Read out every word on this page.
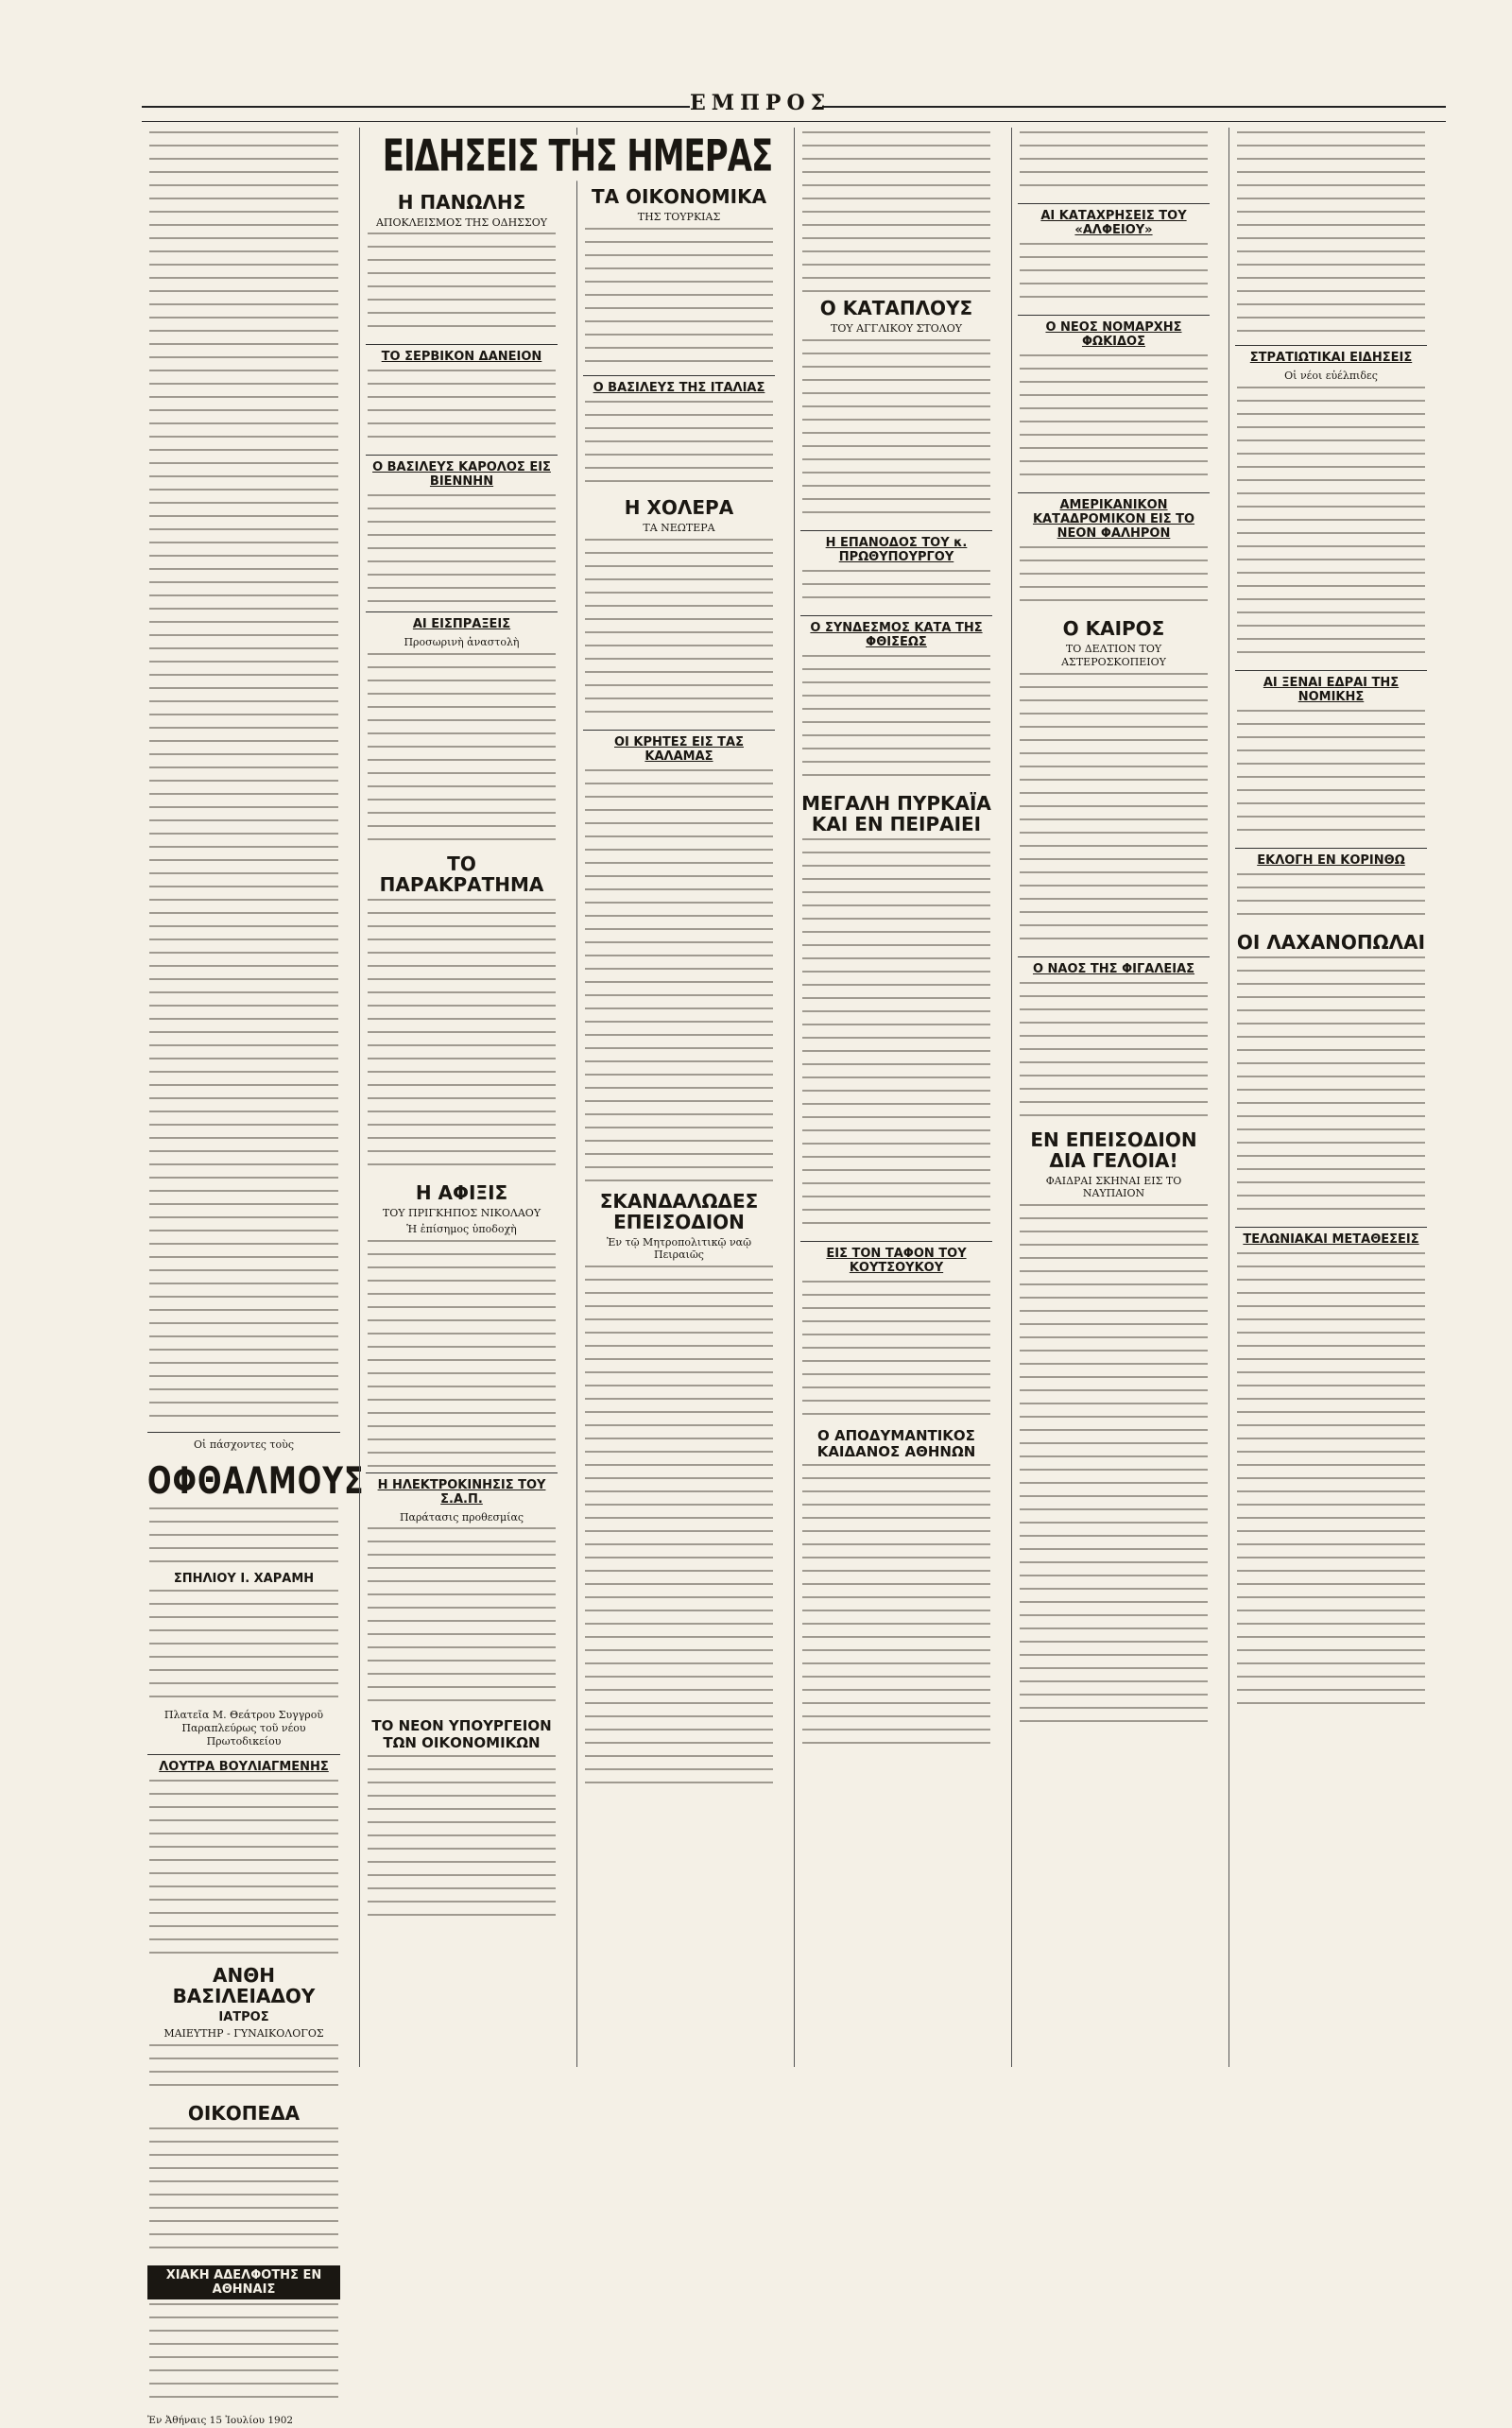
ΕΜΠΡΟΣ
Οἱ πάσχοντες τοὺς
ΟΦΘΑΛΜΟΥΣ
ΣΠΗΛΙΟΥ Ι. ΧΑΡΑΜΗ
Πλατεῖα Μ. Θεάτρου Συγγροῦ Παραπλεύρως τοῦ νέου Πρωτοδικείου
ΛΟΥΤΡΑ ΒΟΥΛΙΑΓΜΕΝΗΣ
ΑΝΘΗ ΒΑΣΙΛΕΙΑΔΟΥ
ΙΑΤΡΟΣ
ΜΑΙΕΥΤΗΡ - ΓΥΝΑΙΚΟΛΟΓΟΣ
ΟΙΚΟΠΕΔΑ
ΧΙΑΚΗ ΑΔΕΛΦΟΤΗΣ ΕΝ ΑΘΗΝΑΙΣ
Ἐν Ἀθήναις 15 Ἰουλίου 1902
ΕΙΔΗΣΕΙΣ ΤΗΣ ΗΜΕΡΑΣ
Η ΠΑΝΩΛΗΣ
ΑΠΟΚΛΕΙΣΜΟΣ ΤΗΣ ΟΔΗΣΣΟΥ
ΤΟ ΣΕΡΒΙΚΟΝ ΔΑΝΕΙΟΝ
Ο ΒΑΣΙΛΕΥΣ ΚΑΡΟΛΟΣ ΕΙΣ ΒΙΕΝΝΗΝ
ΑΙ ΕΙΣΠΡΑΞΕΙΣ
Προσωρινὴ ἀναστολὴ
ΤΟ ΠΑΡΑΚΡΑΤΗΜΑ
Η ΑΦΙΞΙΣ
ΤΟΥ ΠΡΙΓΚΗΠΟΣ ΝΙΚΟΛΑΟΥ
Ἡ ἐπίσημος ὑποδοχὴ
Η ΗΛΕΚΤΡΟΚΙΝΗΣΙΣ ΤΟΥ Σ.Α.Π.
Παράτασις προθεσμίας
ΤΟ ΝΕΟΝ ΥΠΟΥΡΓΕΙΟΝ ΤΩΝ ΟΙΚΟΝΟΜΙΚΩΝ
ΤΑ ΟΙΚΟΝΟΜΙΚΑ
ΤΗΣ ΤΟΥΡΚΙΑΣ
Ο ΒΑΣΙΛΕΥΣ ΤΗΣ ΙΤΑΛΙΑΣ
Η ΧΟΛΕΡΑ
ΤΑ ΝΕΩΤΕΡΑ
ΟΙ ΚΡΗΤΕΣ ΕΙΣ ΤΑΣ ΚΑΛΑΜΑΣ
ΣΚΑΝΔΑΛΩΔΕΣ ΕΠΕΙΣΟΔΙΟΝ
Ἐν τῷ Μητροπολιτικῷ ναῷ Πειραιῶς
Ο ΚΑΤΑΠΛΟΥΣ
ΤΟΥ ΑΓΓΛΙΚΟΥ ΣΤΟΛΟΥ
Η ΕΠΑΝΟΔΟΣ ΤΟΥ κ. ΠΡΩΘΥΠΟΥΡΓΟΥ
Ο ΣΥΝΔΕΣΜΟΣ ΚΑΤΑ ΤΗΣ ΦΘΙΣΕΩΣ
ΜΕΓΑΛΗ ΠΥΡΚΑΪΑ ΚΑΙ ΕΝ ΠΕΙΡΑΙΕΙ
ΕΙΣ ΤΟΝ ΤΑΦΟΝ ΤΟΥ ΚΟΥΤΣΟΥΚΟΥ
Ο ΑΠΟΔΥΜΑΝΤΙΚΟΣ ΚΑΙΔΑΝΟΣ ΑΘΗΝΩΝ
ΑΙ ΚΑΤΑΧΡΗΣΕΙΣ ΤΟΥ «ΑΛΦΕΙΟΥ»
Ο ΝΕΟΣ ΝΟΜΑΡΧΗΣ ΦΩΚΙΔΟΣ
ΑΜΕΡΙΚΑΝΙΚΟΝ ΚΑΤΑΔΡΟΜΙΚΟΝ ΕΙΣ ΤΟ ΝΕΟΝ ΦΑΛΗΡΟΝ
Ο ΚΑΙΡΟΣ
ΤΟ ΔΕΛΤΙΟΝ ΤΟΥ ΑΣΤΕΡΟΣΚΟΠΕΙΟΥ
Ο ΝΑΟΣ ΤΗΣ ΦΙΓΑΛΕΙΑΣ
ΕΝ ΕΠΕΙΣΟΔΙΟΝ ΔΙΑ ΓΕΛΟΙΑ!
ΦΑΙΔΡΑΙ ΣΚΗΝΑΙ ΕΙΣ ΤΟ ΝΑΥΠΑΙΟΝ
ΣΤΡΑΤΙΩΤΙΚΑΙ ΕΙΔΗΣΕΙΣ
Οἱ νέοι εὐέλπιδες
ΑΙ ΞΕΝΑΙ ΕΔΡΑΙ ΤΗΣ ΝΟΜΙΚΗΣ
ΕΚΛΟΓΗ ΕΝ ΚΟΡΙΝΘΩ
ΟΙ ΛΑΧΑΝΟΠΩΛΑΙ
ΤΕΛΩΝΙΑΚΑΙ ΜΕΤΑΘΕΣΕΙΣ
